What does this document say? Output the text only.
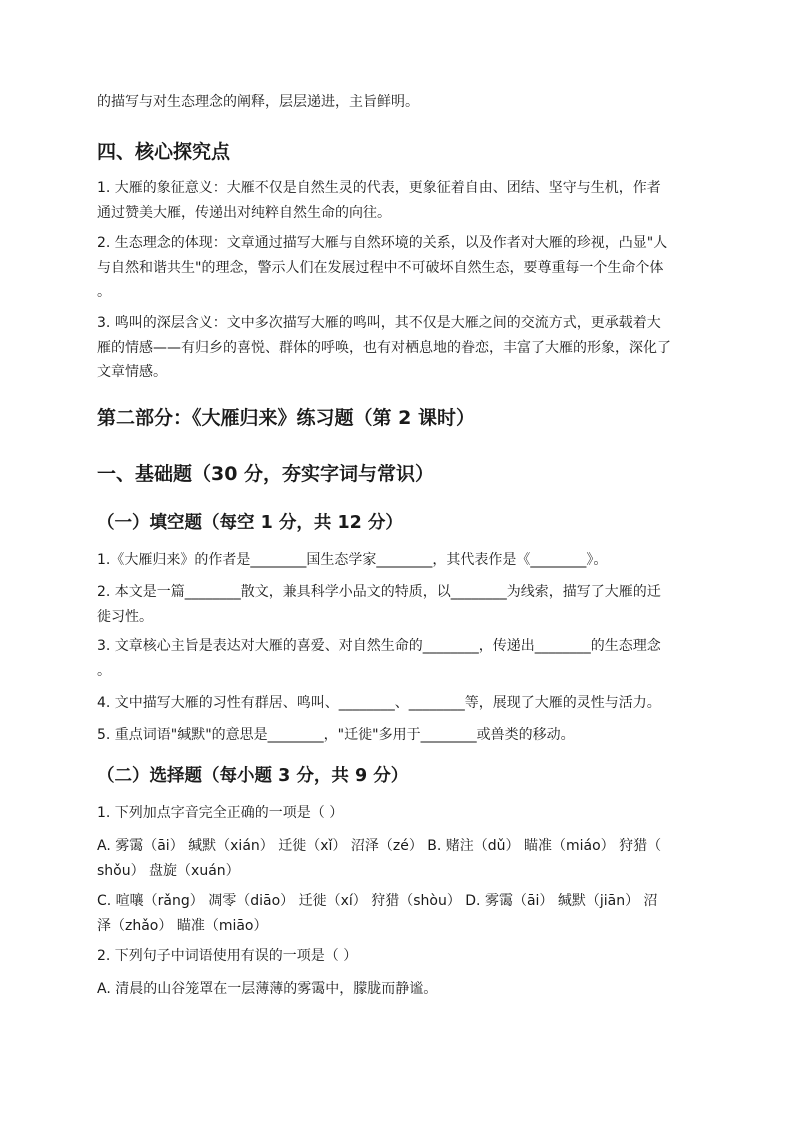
的描写与对生态理念的阐释，层层递进，主旨鲜明。
四、核心探究点
1. 大雁的象征意义：大雁不仅是自然生灵的代表，更象征着自由、团结、坚守与生机，作者
通过赞美大雁，传递出对纯粹自然生命的向往。
2. 生态理念的体现：文章通过描写大雁与自然环境的关系，以及作者对大雁的珍视，凸显"人
与自然和谐共生"的理念，警示人们在发展过程中不可破坏自然生态，要尊重每一个生命个体
。
3. 鸣叫的深层含义：文中多次描写大雁的鸣叫，其不仅是大雁之间的交流方式，更承载着大
雁的情感——有归乡的喜悦、群体的呼唤，也有对栖息地的眷恋，丰富了大雁的形象，深化了
文章情感。
第二部分：《大雁归来》练习题（第 2 课时）
一、基础题（30 分，夯实字词与常识）
（一）填空题（每空 1 分，共 12 分）
1.《大雁归来》的作者是________国生态学家________，其代表作是《________》。
2. 本文是一篇________散文，兼具科学小品文的特质，以________为线索，描写了大雁的迁
徙习性。
3. 文章核心主旨是表达对大雁的喜爱、对自然生命的________，传递出________的生态理念
。
4. 文中描写大雁的习性有群居、鸣叫、________、________等，展现了大雁的灵性与活力。
5. 重点词语"缄默"的意思是________，"迁徙"多用于________或兽类的移动。
（二）选择题（每小题 3 分，共 9 分）
1. 下列加点字音完全正确的一项是（ ）
A. 雾霭（āi） 缄默（xián） 迁徙（xǐ） 沼泽（zé） B. 赌注（dǔ） 瞄准（miáo） 狩猎（
shǒu） 盘旋（xuán）
C. 喧嚷（rǎng） 凋零（diāo） 迁徙（xí） 狩猎（shòu） D. 雾霭（āi） 缄默（jiān） 沼
泽（zhǎo） 瞄准（miāo）
2. 下列句子中词语使用有误的一项是（ ）
A. 清晨的山谷笼罩在一层薄薄的雾霭中，朦胧而静谧。
